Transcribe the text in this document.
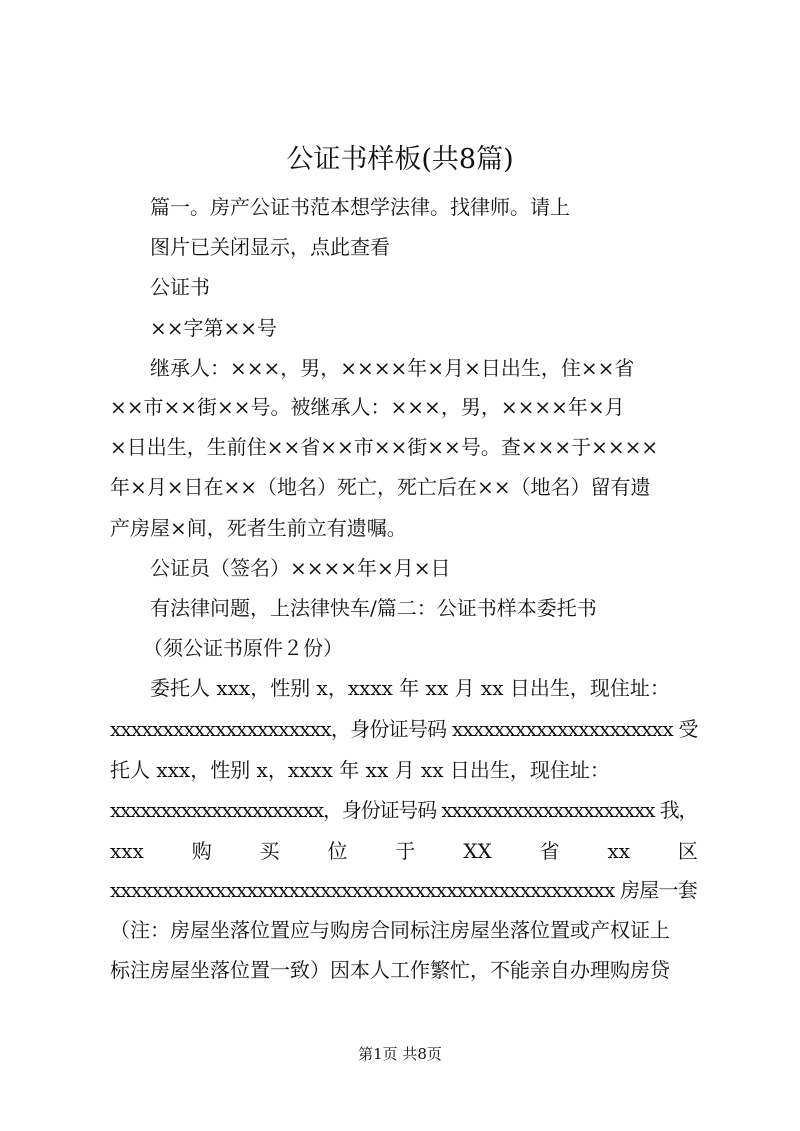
公证书样板(共8篇)
篇一。房产公证书范本想学法律。找律师。请上
图片已关闭显示，点此查看
公证书
××字第××号
继承人：×××，男，××××年×月×日出生，住××省
××市××街××号。被继承人：×××，男，××××年×月
×日出生，生前住××省××市××街××号。查×××于××××
年×月×日在××（地名）死亡，死亡后在××（地名）留有遗
产房屋×间，死者生前立有遗嘱。
公证员（签名）××××年×月×日
有法律问题，上法律快车/篇二：公证书样本委托书
（须公证书原件２份）
委托人 xxx，性别 x，xxxx 年 xx 月 xx 日出生，现住址：
xxxxxxxxxxxxxxxxxxxxx，身份证号码 xxxxxxxxxxxxxxxxxxxxx 受
托人 xxx，性别 x，xxxx 年 xx 月 xx 日出生，现住址：
xxxxxxxxxxxxxxxxxxxxx，身份证号码 xxxxxxxxxxxxxxxxxxxxx 我，
xxx 购 买 位 于 XX 省 xx 区
xxxxxxxxxxxxxxxxxxxxxxxxxxxxxxxxxxxxxxxxxxxxxxxx 房屋一套
（注：房屋坐落位置应与购房合同标注房屋坐落位置或产权证上
标注房屋坐落位置一致）因本人工作繁忙，不能亲自办理购房贷
第1页 共8页
